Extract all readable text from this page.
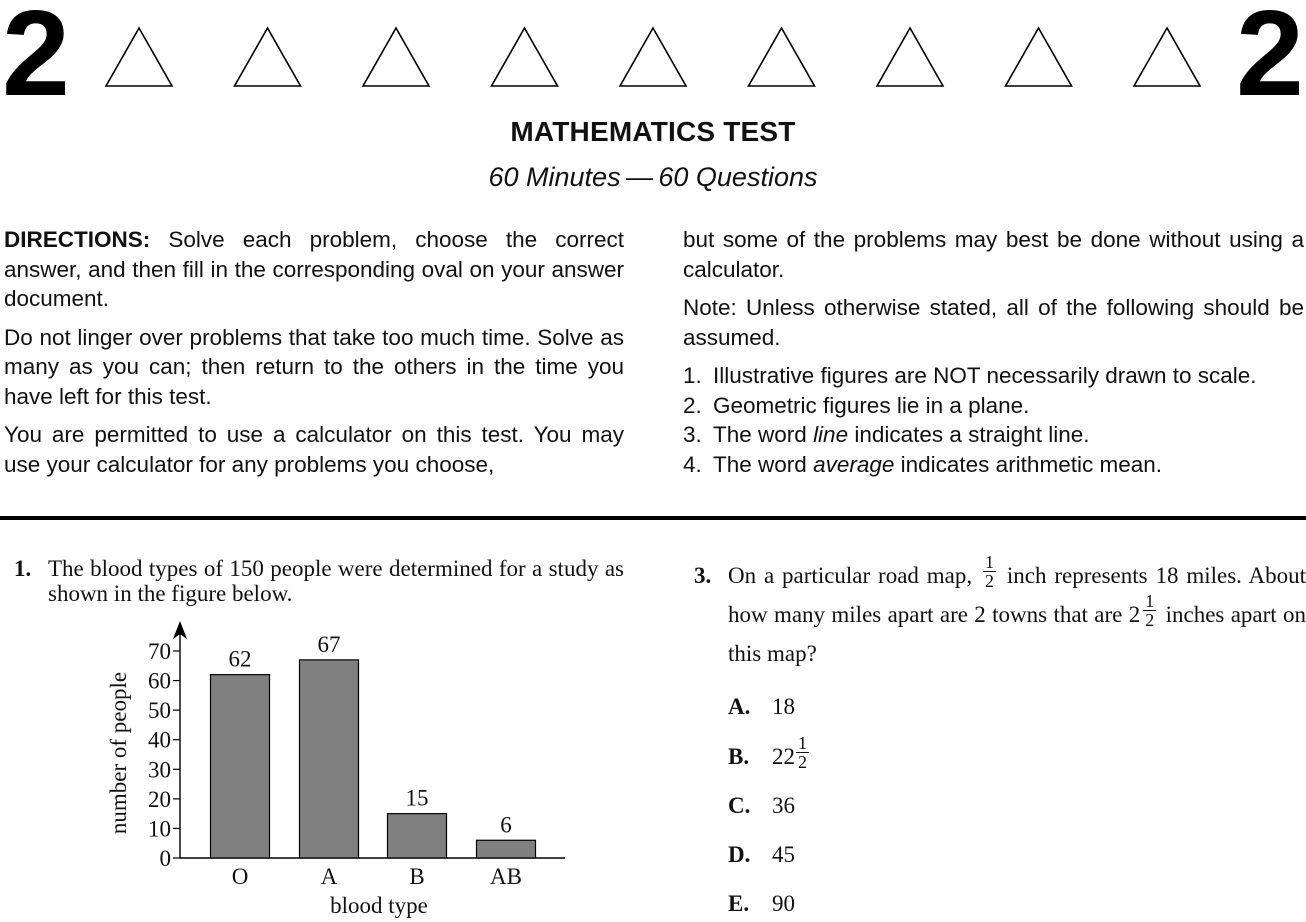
2	2
MATHEMATICS TEST
60 Minutes — 60 Questions

DIRECTIONS: Solve each problem, choose the correct answer, and then fill in the corresponding oval on your answer document.

Do not linger over problems that take too much time. Solve as many as you can; then return to the others in the time you have left for this test.

You are permitted to use a calculator on this test. You may use your calculator for any problems you choose,

but some of the problems may best be done without using a calculator.

Note: Unless otherwise stated, all of the following should be assumed.

1. Illustrative figures are NOT necessarily drawn to scale.
2. Geometric figures lie in a plane.
3. The word line indicates a straight line.
4. The word average indicates arithmetic mean.
1. The blood types of 150 people were determined for a study as shown in the figure below.
0
10
20
30
40
50
60
70	62
O
67
A
15
B
6
AB
blood type
number of people
3. On a particular road map, $\frac{1}{2}$ inch represents 18 miles. About how many miles apart are 2 towns that are $2 \frac{1}{2}$ inches apart on this map?
A. 18
B. $22 \frac{1}{2}$
C. 36
D. 45
E. 90
